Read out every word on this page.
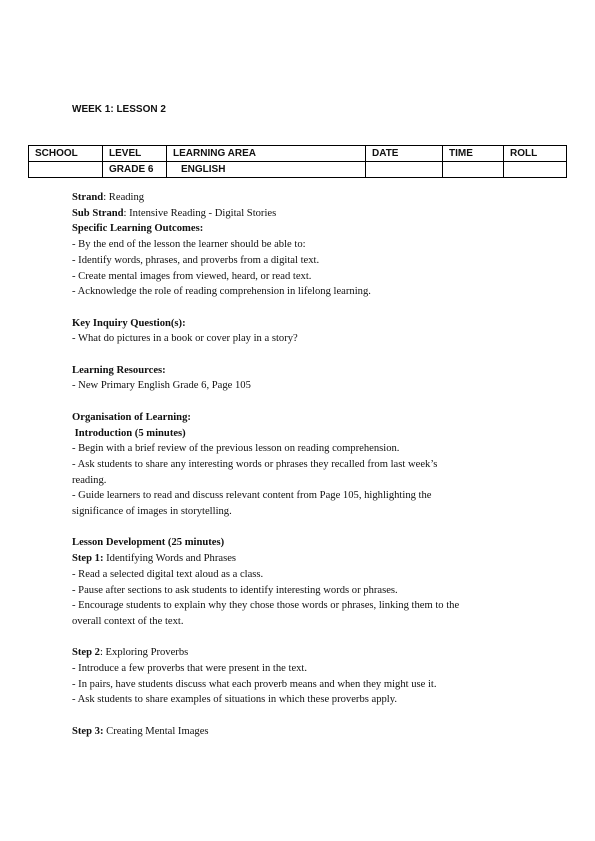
WEEK 1: LESSON 2
SCHOOL	LEVEL	LEARNING AREA	DATE	TIME	ROLL
	GRADE 6	ENGLISH			

Strand: Reading

Sub Strand: Intensive Reading - Digital Stories

Specific Learning Outcomes:

- By the end of the lesson the learner should be able to:

- Identify words, phrases, and proverbs from a digital text.

- Create mental images from viewed, heard, or read text.

- Acknowledge the role of reading comprehension in lifelong learning.

Key Inquiry Question(s):

- What do pictures in a book or cover play in a story?

Learning Resources:

- New Primary English Grade 6, Page 105

Organisation of Learning:

Introduction (5 minutes)

- Begin with a brief review of the previous lesson on reading comprehension.

- Ask students to share any interesting words or phrases they recalled from last week’s

reading.

- Guide learners to read and discuss relevant content from Page 105, highlighting the

significance of images in storytelling.

Lesson Development (25 minutes)

Step 1: Identifying Words and Phrases

- Read a selected digital text aloud as a class.

- Pause after sections to ask students to identify interesting words or phrases.

- Encourage students to explain why they chose those words or phrases, linking them to the

overall context of the text.

Step 2: Exploring Proverbs

- Introduce a few proverbs that were present in the text.

- In pairs, have students discuss what each proverb means and when they might use it.

- Ask students to share examples of situations in which these proverbs apply.

Step 3: Creating Mental Images
